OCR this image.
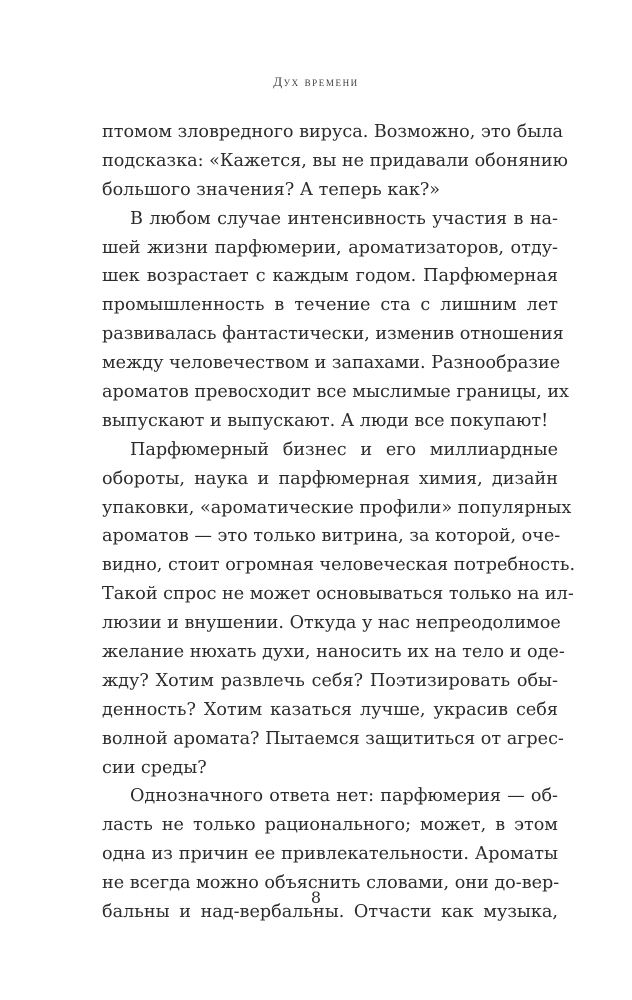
Дух времени
птомом зловредного вируса. Возможно, это была
подсказка: «Кажется, вы не придавали обонянию
большого значения? А теперь как?»
В любом случае интенсивность участия в на-
шей жизни парфюмерии, ароматизаторов, отду-
шек возрастает с каждым годом. Парфюмерная
промышленность в течение ста с лишним лет
развивалась фантастически, изменив отношения
между человечеством и запахами. Разнообразие
ароматов превосходит все мыслимые границы, их
выпускают и выпускают. А люди все покупают!
Парфюмерный бизнес и его миллиардные
обороты, наука и парфюмерная химия, дизайн
упаковки, «ароматические профили» популярных
ароматов — это только витрина, за которой, оче-
видно, стоит огромная человеческая потребность.
Такой спрос не может основываться только на ил-
люзии и внушении. Откуда у нас непреодолимое
желание нюхать духи, наносить их на тело и оде-
жду? Хотим развлечь себя? Поэтизировать обы-
денность? Хотим казаться лучше, украсив себя
волной аромата? Пытаемся защититься от агрес-
сии среды?
Однозначного ответа нет: парфюмерия — об-
ласть не только рационального; может, в этом
одна из причин ее привлекательности. Ароматы
не всегда можно объяснить словами, они до-вер-
бальны и над-вербальны. Отчасти как музыка,
8
